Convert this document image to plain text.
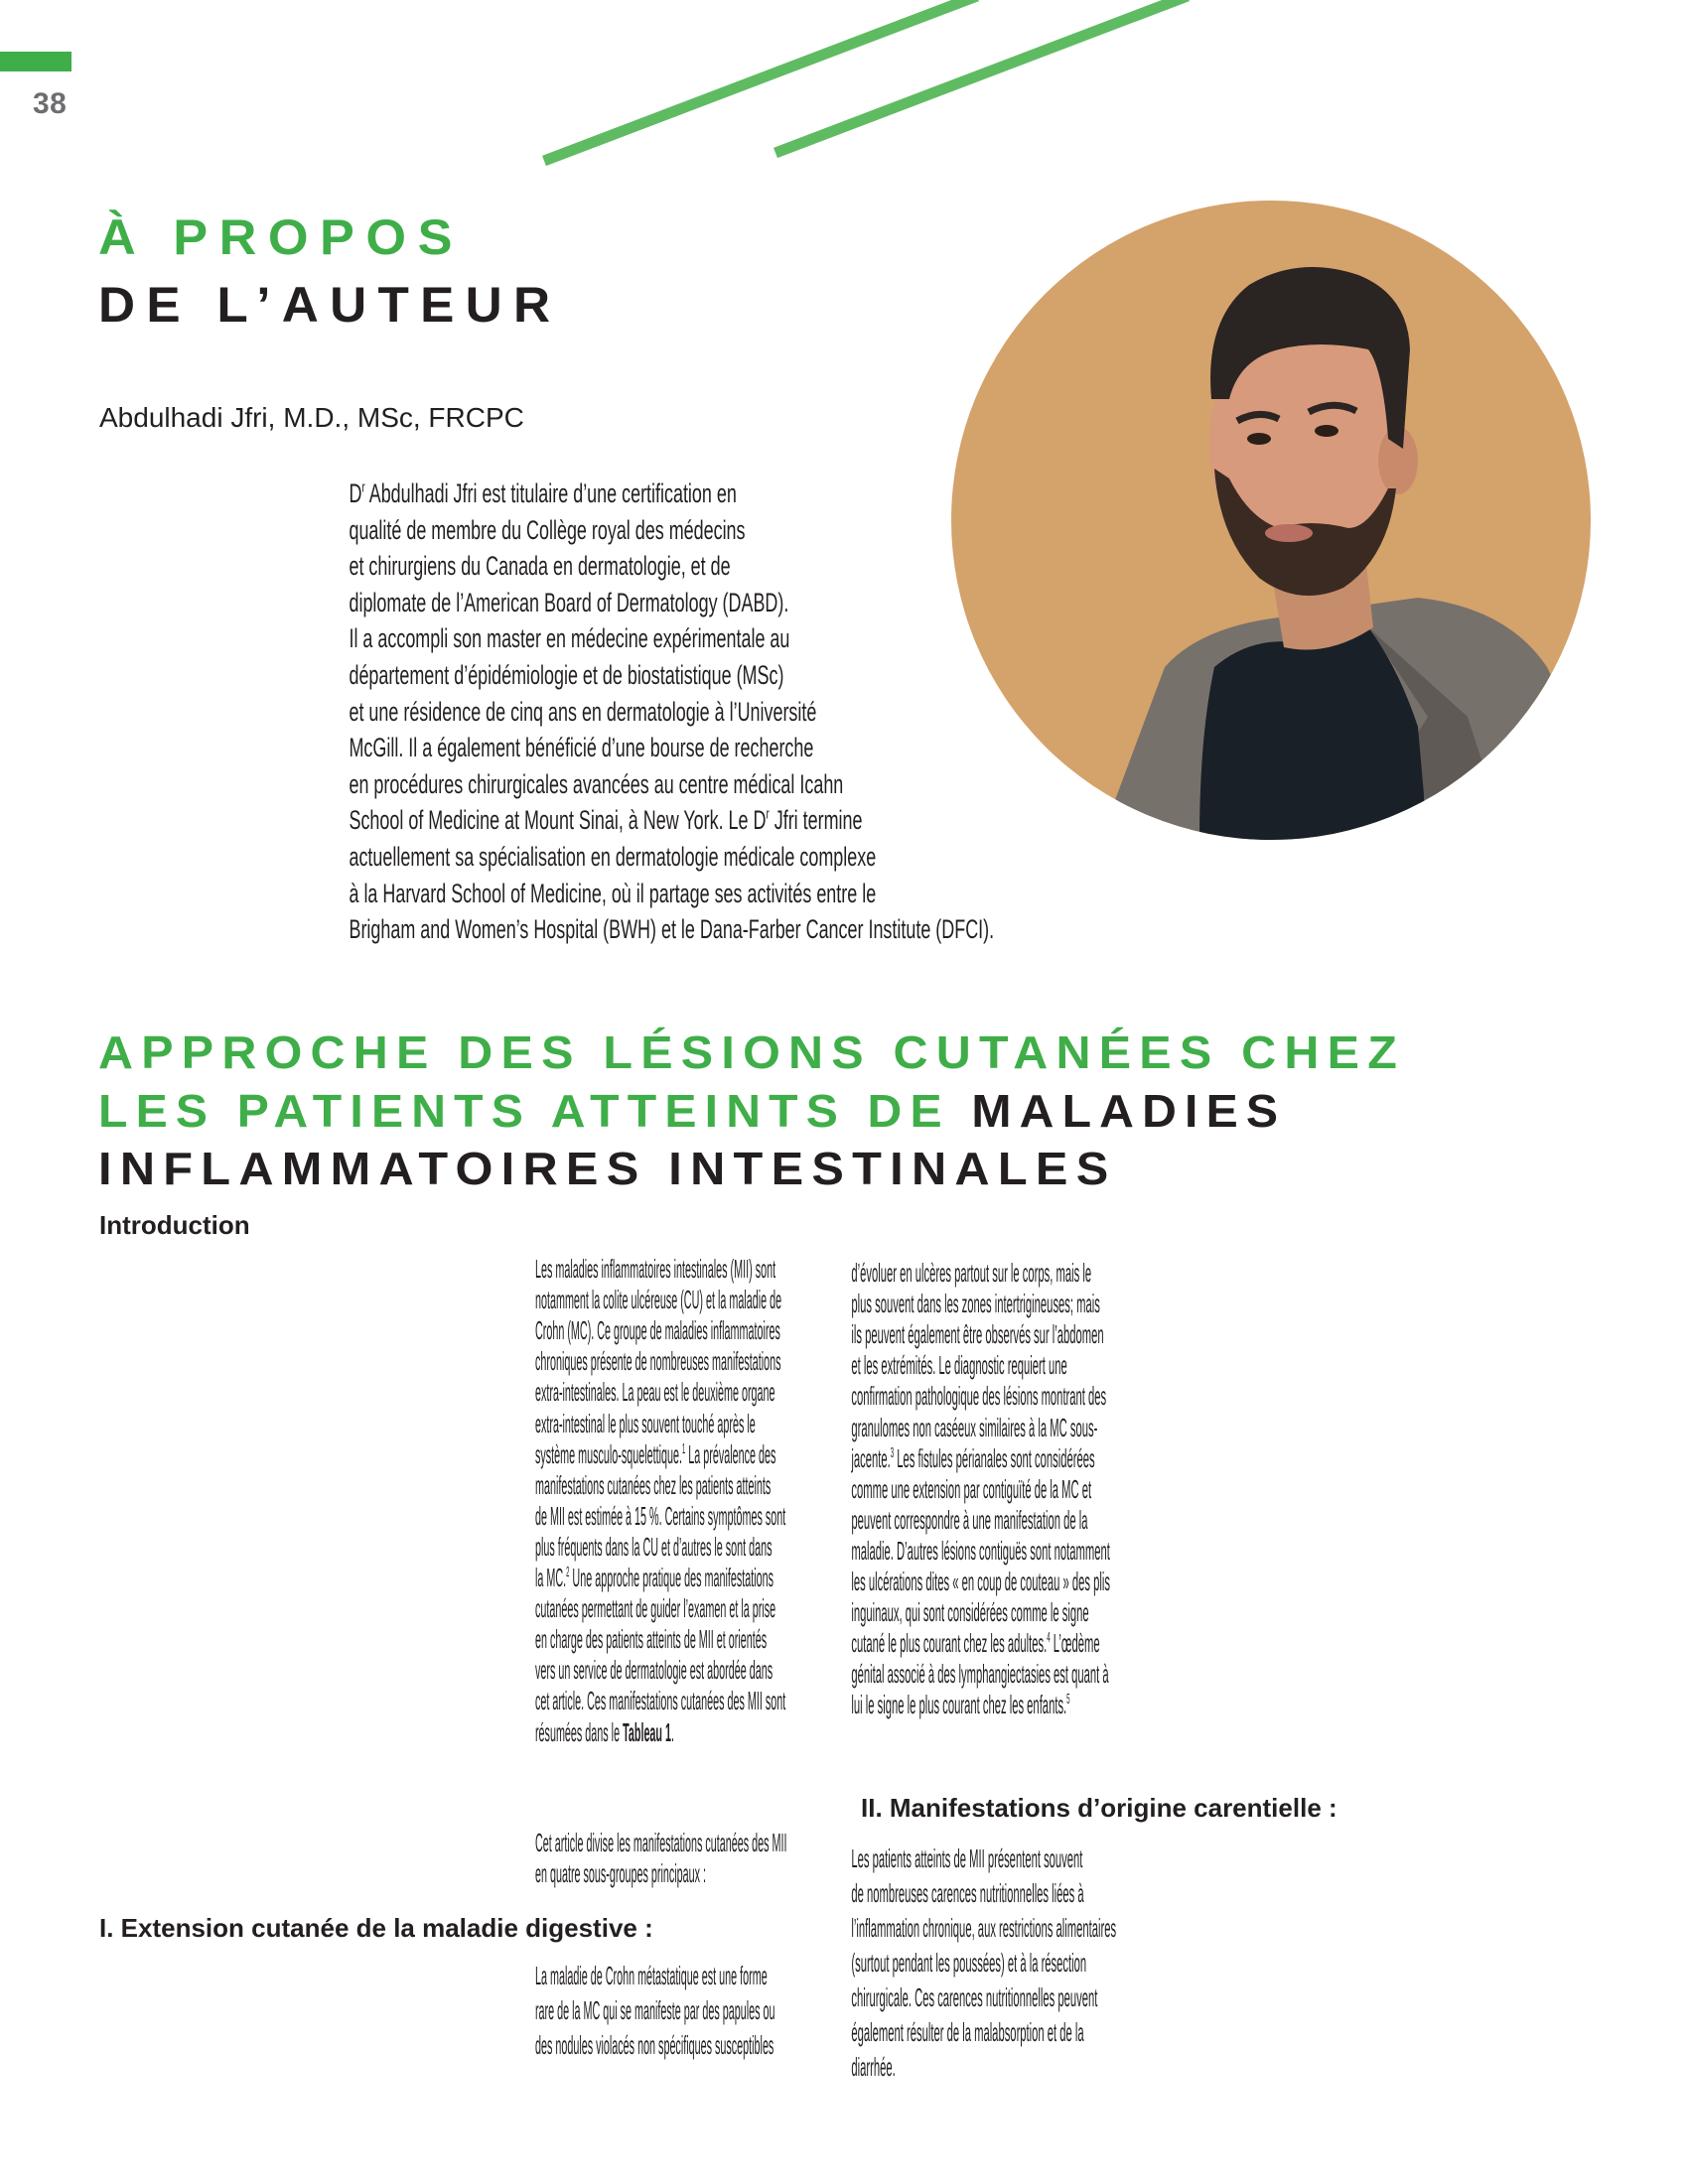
38
À PROPOS
DE L’AUTEUR
Abdulhadi Jfri, M.D., MSc, FRCPC
$D^r$ Abdulhadi Jfri est titulaire d’une certification en
qualité de membre du Collège royal des médecins
et chirurgiens du Canada en dermatologie, et de
diplomate de l’American Board of Dermatology (DABD).
Il a accompli son master en médecine expérimentale au
département d’épidémiologie et de biostatistique (MSc)
et une résidence de cinq ans en dermatologie à l’Université
McGill. Il a également bénéficié d’une bourse de recherche
en procédures chirurgicales avancées au centre médical Icahn
School of Medicine at Mount Sinai, à New York. Le $D^r$ Jfri termine
actuellement sa spécialisation en dermatologie médicale complexe
à la Harvard School of Medicine, où il partage ses activités entre le
Brigham and Women’s Hospital (BWH) et le Dana-Farber Cancer Institute (DFCI).
APPROCHE DES LÉSIONS CUTANÉES CHEZ
LES PATIENTS ATTEINTS DE MALADIES
INFLAMMATOIRES INTESTINALES
Introduction
Les maladies inflammatoires intestinales (MII) sont
notamment la colite ulcéreuse (CU) et la maladie de
Crohn (MC). Ce groupe de maladies inflammatoires
chroniques présente de nombreuses manifestations
extra-intestinales. La peau est le deuxième organe
extra-intestinal le plus souvent touché après le
système musculo-squelettique.$^1$ La prévalence des
manifestations cutanées chez les patients atteints
de MII est estimée à 15 %. Certains symptômes sont
plus fréquents dans la CU et d’autres le sont dans
la MC.$^2$ Une approche pratique des manifestations
cutanées permettant de guider l’examen et la prise
en charge des patients atteints de MII et orientés
vers un service de dermatologie est abordée dans
cet article. Ces manifestations cutanées des MII sont
résumées dans le Tableau 1.
Cet article divise les manifestations cutanées des MII
en quatre sous-groupes principaux :
I. Extension cutanée de la maladie digestive :
La maladie de Crohn métastatique est une forme
rare de la MC qui se manifeste par des papules ou
des nodules violacés non spécifiques susceptibles
d’évoluer en ulcères partout sur le corps, mais le
plus souvent dans les zones intertrigineuses; mais
ils peuvent également être observés sur l’abdomen
et les extrémités. Le diagnostic requiert une
confirmation pathologique des lésions montrant des
granulomes non caséeux similaires à la MC sous-
jacente.$^3$ Les fistules périanales sont considérées
comme une extension par contiguïté de la MC et
peuvent correspondre à une manifestation de la
maladie. D’autres lésions contiguës sont notamment
les ulcérations dites « en coup de couteau » des plis
inguinaux, qui sont considérées comme le signe
cutané le plus courant chez les adultes.$^4$ L’œdème
génital associé à des lymphangiectasies est quant à
lui le signe le plus courant chez les enfants.$^5$
II. Manifestations d’origine carentielle :
Les patients atteints de MII présentent souvent
de nombreuses carences nutritionnelles liées à
l’inflammation chronique, aux restrictions alimentaires
(surtout pendant les poussées) et à la résection
chirurgicale. Ces carences nutritionnelles peuvent
également résulter de la malabsorption et de la
diarrhée.
